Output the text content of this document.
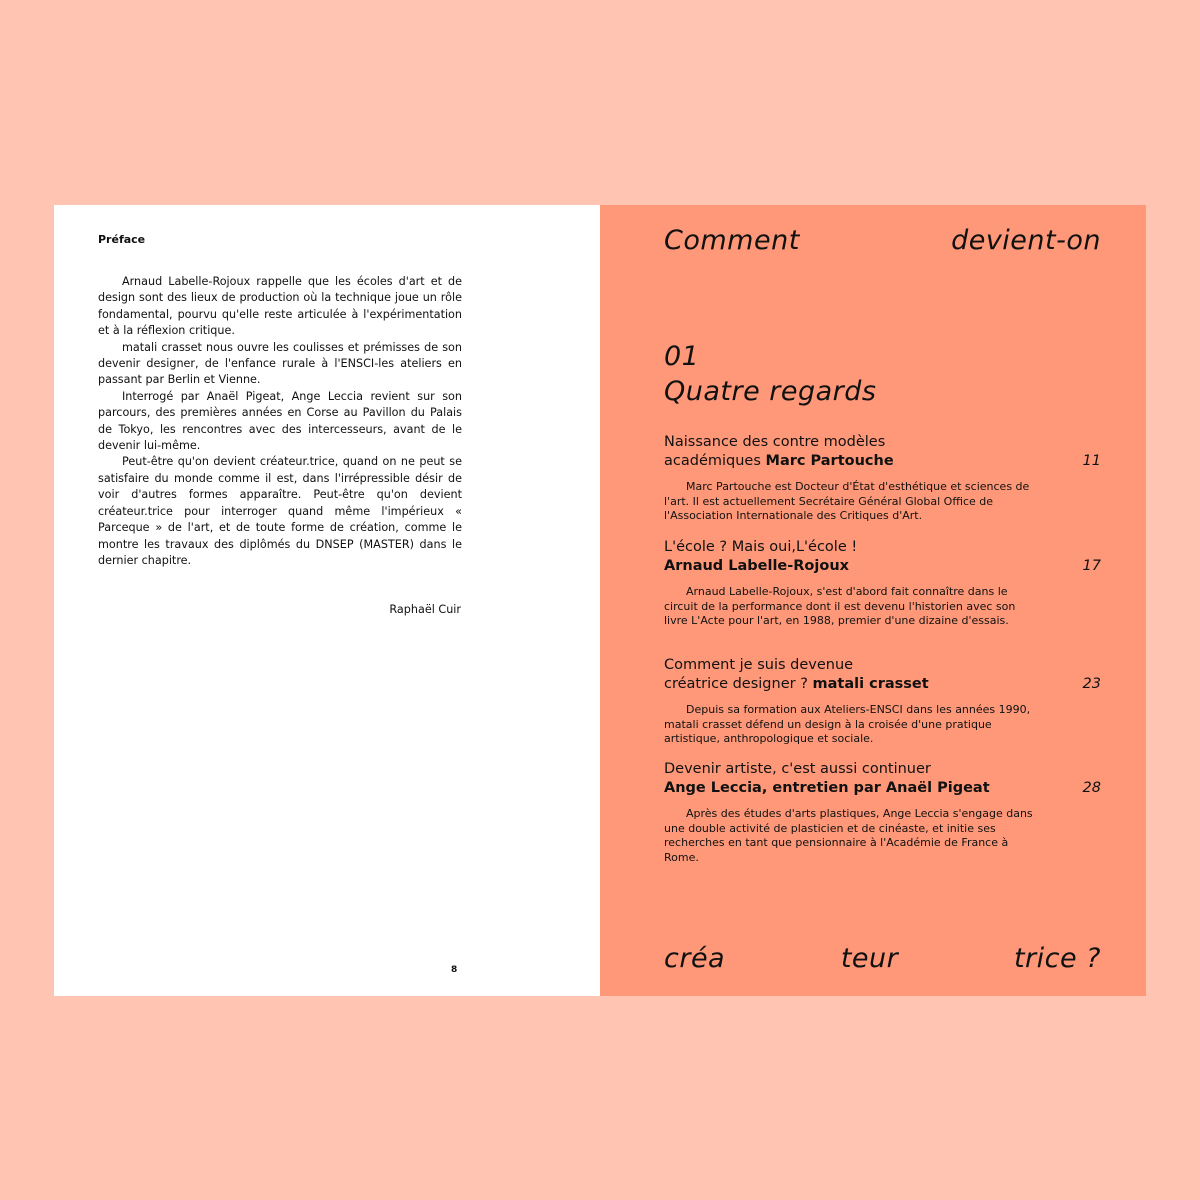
Préface

Arnaud Labelle-Rojoux rappelle que les écoles d'art et de design sont des lieux de production où la technique joue un rôle fondamental, pourvu qu'elle reste articulée à l'expérimentation et à la réflexion critique.

matali crasset nous ouvre les coulisses et prémisses de son devenir designer, de l'enfance rurale à l'ENSCI-les ateliers en passant par Berlin et Vienne.

Interrogé par Anaël Pigeat, Ange Leccia revient sur son parcours, des premières années en Corse au Pavillon du Palais de Tokyo, les rencontres avec des intercesseurs, avant de le devenir lui-même.

Peut-être qu'on devient créateur.trice, quand on ne peut se satisfaire du monde comme il est, dans l'irrépressible désir de voir d'autres formes apparaître. Peut-être qu'on devient créateur.trice pour interroger quand même l'impérieux « Parceque » de l'art, et de toute forme de création, comme le montre les travaux des diplômés du DNSEP (MASTER) dans le dernier chapitre.

Raphaël Cuir
8
Comment	devient-on
01
Quatre regards
Naissance des contre modèles
académiques Marc Partouche	11
Marc Partouche est Docteur d'État d'esthétique et sciences de l'art. Il est actuellement Secrétaire Général Global Office de l'Association Internationale des Critiques d'Art.
L'école ? Mais oui,L'école !
Arnaud Labelle-Rojoux	17
Arnaud Labelle-Rojoux, s'est d'abord fait connaître dans le circuit de la performance dont il est devenu l'historien avec son livre L'Acte pour l'art, en 1988, premier d'une dizaine d'essais.
Comment je suis devenue
créatrice designer ? matali crasset	23
Depuis sa formation aux Ateliers-ENSCI dans les années 1990, matali crasset défend un design à la croisée d'une pratique artistique, anthropologique et sociale.
Devenir artiste, c'est aussi continuer
Ange Leccia, entretien par Anaël Pigeat	28
Après des études d'arts plastiques, Ange Leccia s'engage dans une double activité de plasticien et de cinéaste, et initie ses recherches en tant que pensionnaire à l'Académie de France à Rome.
créa	teur	trice ?
